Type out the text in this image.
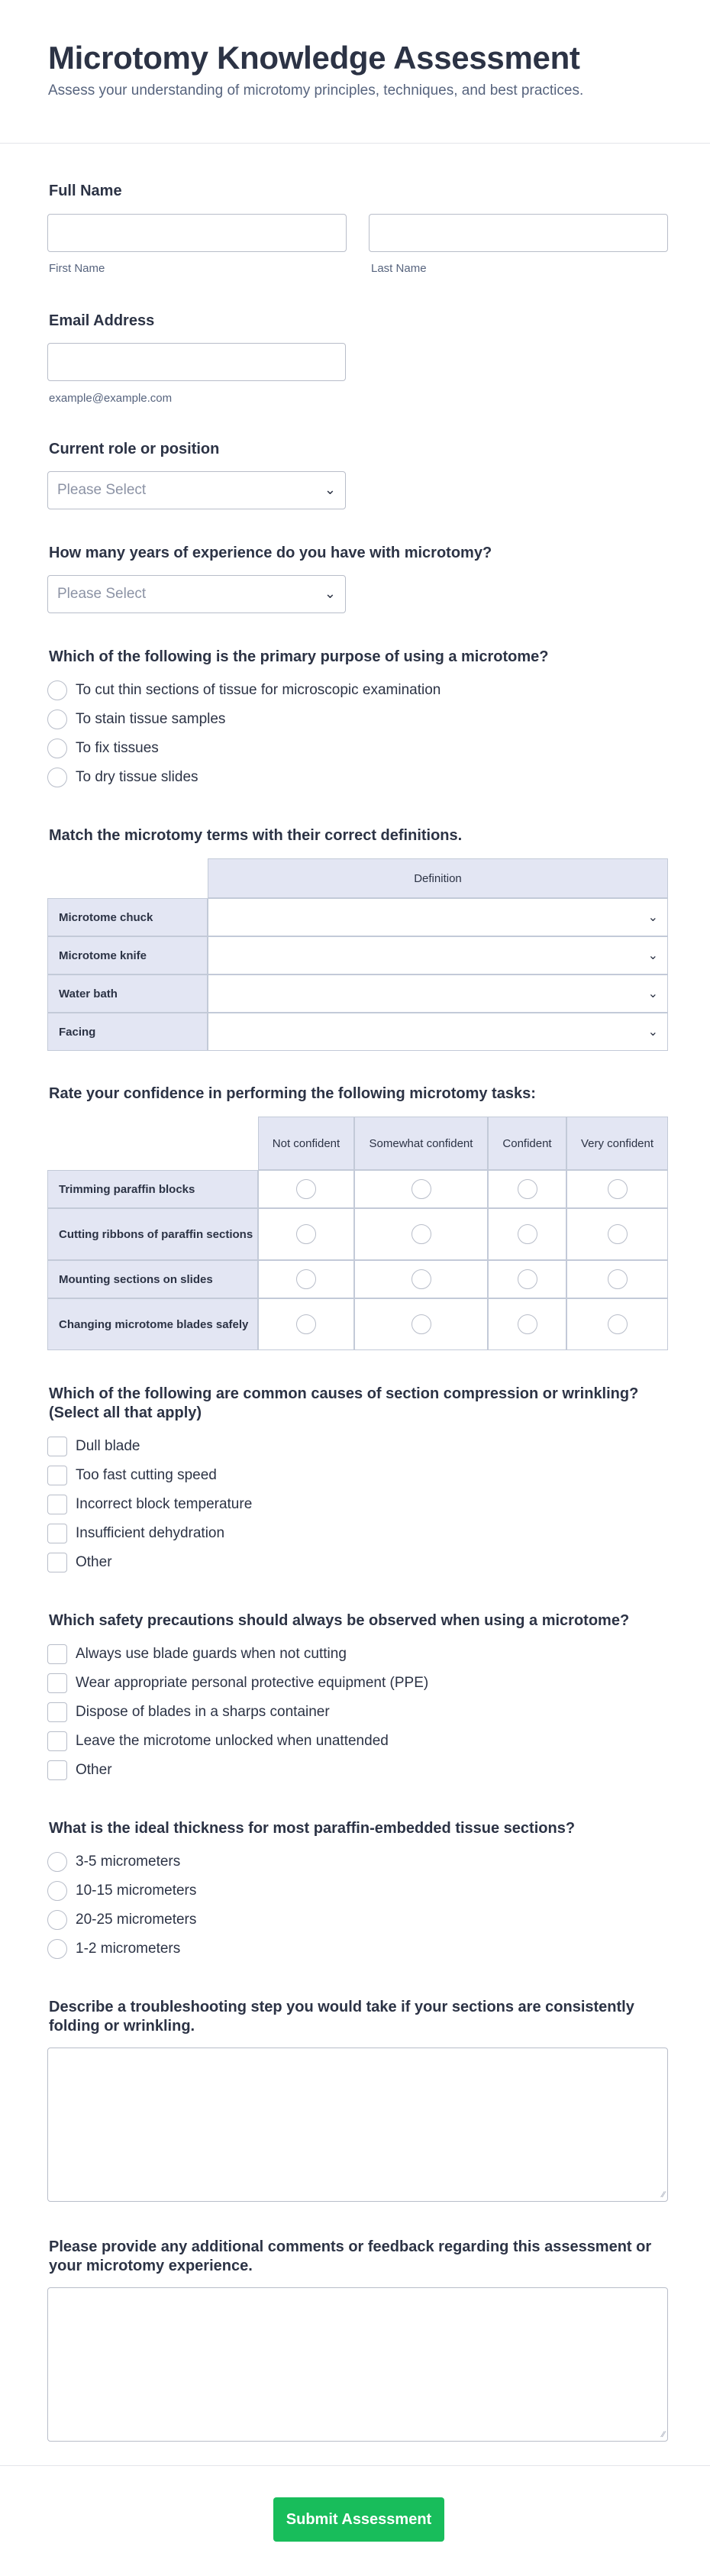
Microtomy Knowledge Assessment
Assess your understanding of microtomy principles, techniques, and best practices.
Full Name
First Name	Last Name
Email Address
example@example.com
Current role or position
Please Select	⌄
How many years of experience do you have with microtomy?
Please Select	⌄
Which of the following is the primary purpose of using a microtome?
To cut thin sections of tissue for microscopic examination
To stain tissue samples
To fix tissues
To dry tissue slides
Match the microtomy terms with their correct definitions.
Definition
Microtome chuck	⌄
Microtome knife	⌄
Water bath	⌄
Facing	⌄
Rate your confidence in performing the following microtomy tasks:
Not confident	Somewhat confident	Confident	Very confident
Trimming paraffin blocks
Cutting ribbons of paraffin sections
Mounting sections on slides
Changing microtome blades safely
Which of the following are common causes of section compression or wrinkling? (Select all that apply)
Dull blade
Too fast cutting speed
Incorrect block temperature
Insufficient dehydration
Other
Which safety precautions should always be observed when using a microtome?
Always use blade guards when not cutting
Wear appropriate personal protective equipment (PPE)
Dispose of blades in a sharps container
Leave the microtome unlocked when unattended
Other
What is the ideal thickness for most paraffin-embedded tissue sections?
3-5 micrometers
10-15 micrometers
20-25 micrometers
1-2 micrometers
Describe a troubleshooting step you would take if your sections are consistently folding or wrinkling.
∕∕
Please provide any additional comments or feedback regarding this assessment or your microtomy experience.
∕∕
Submit Assessment
